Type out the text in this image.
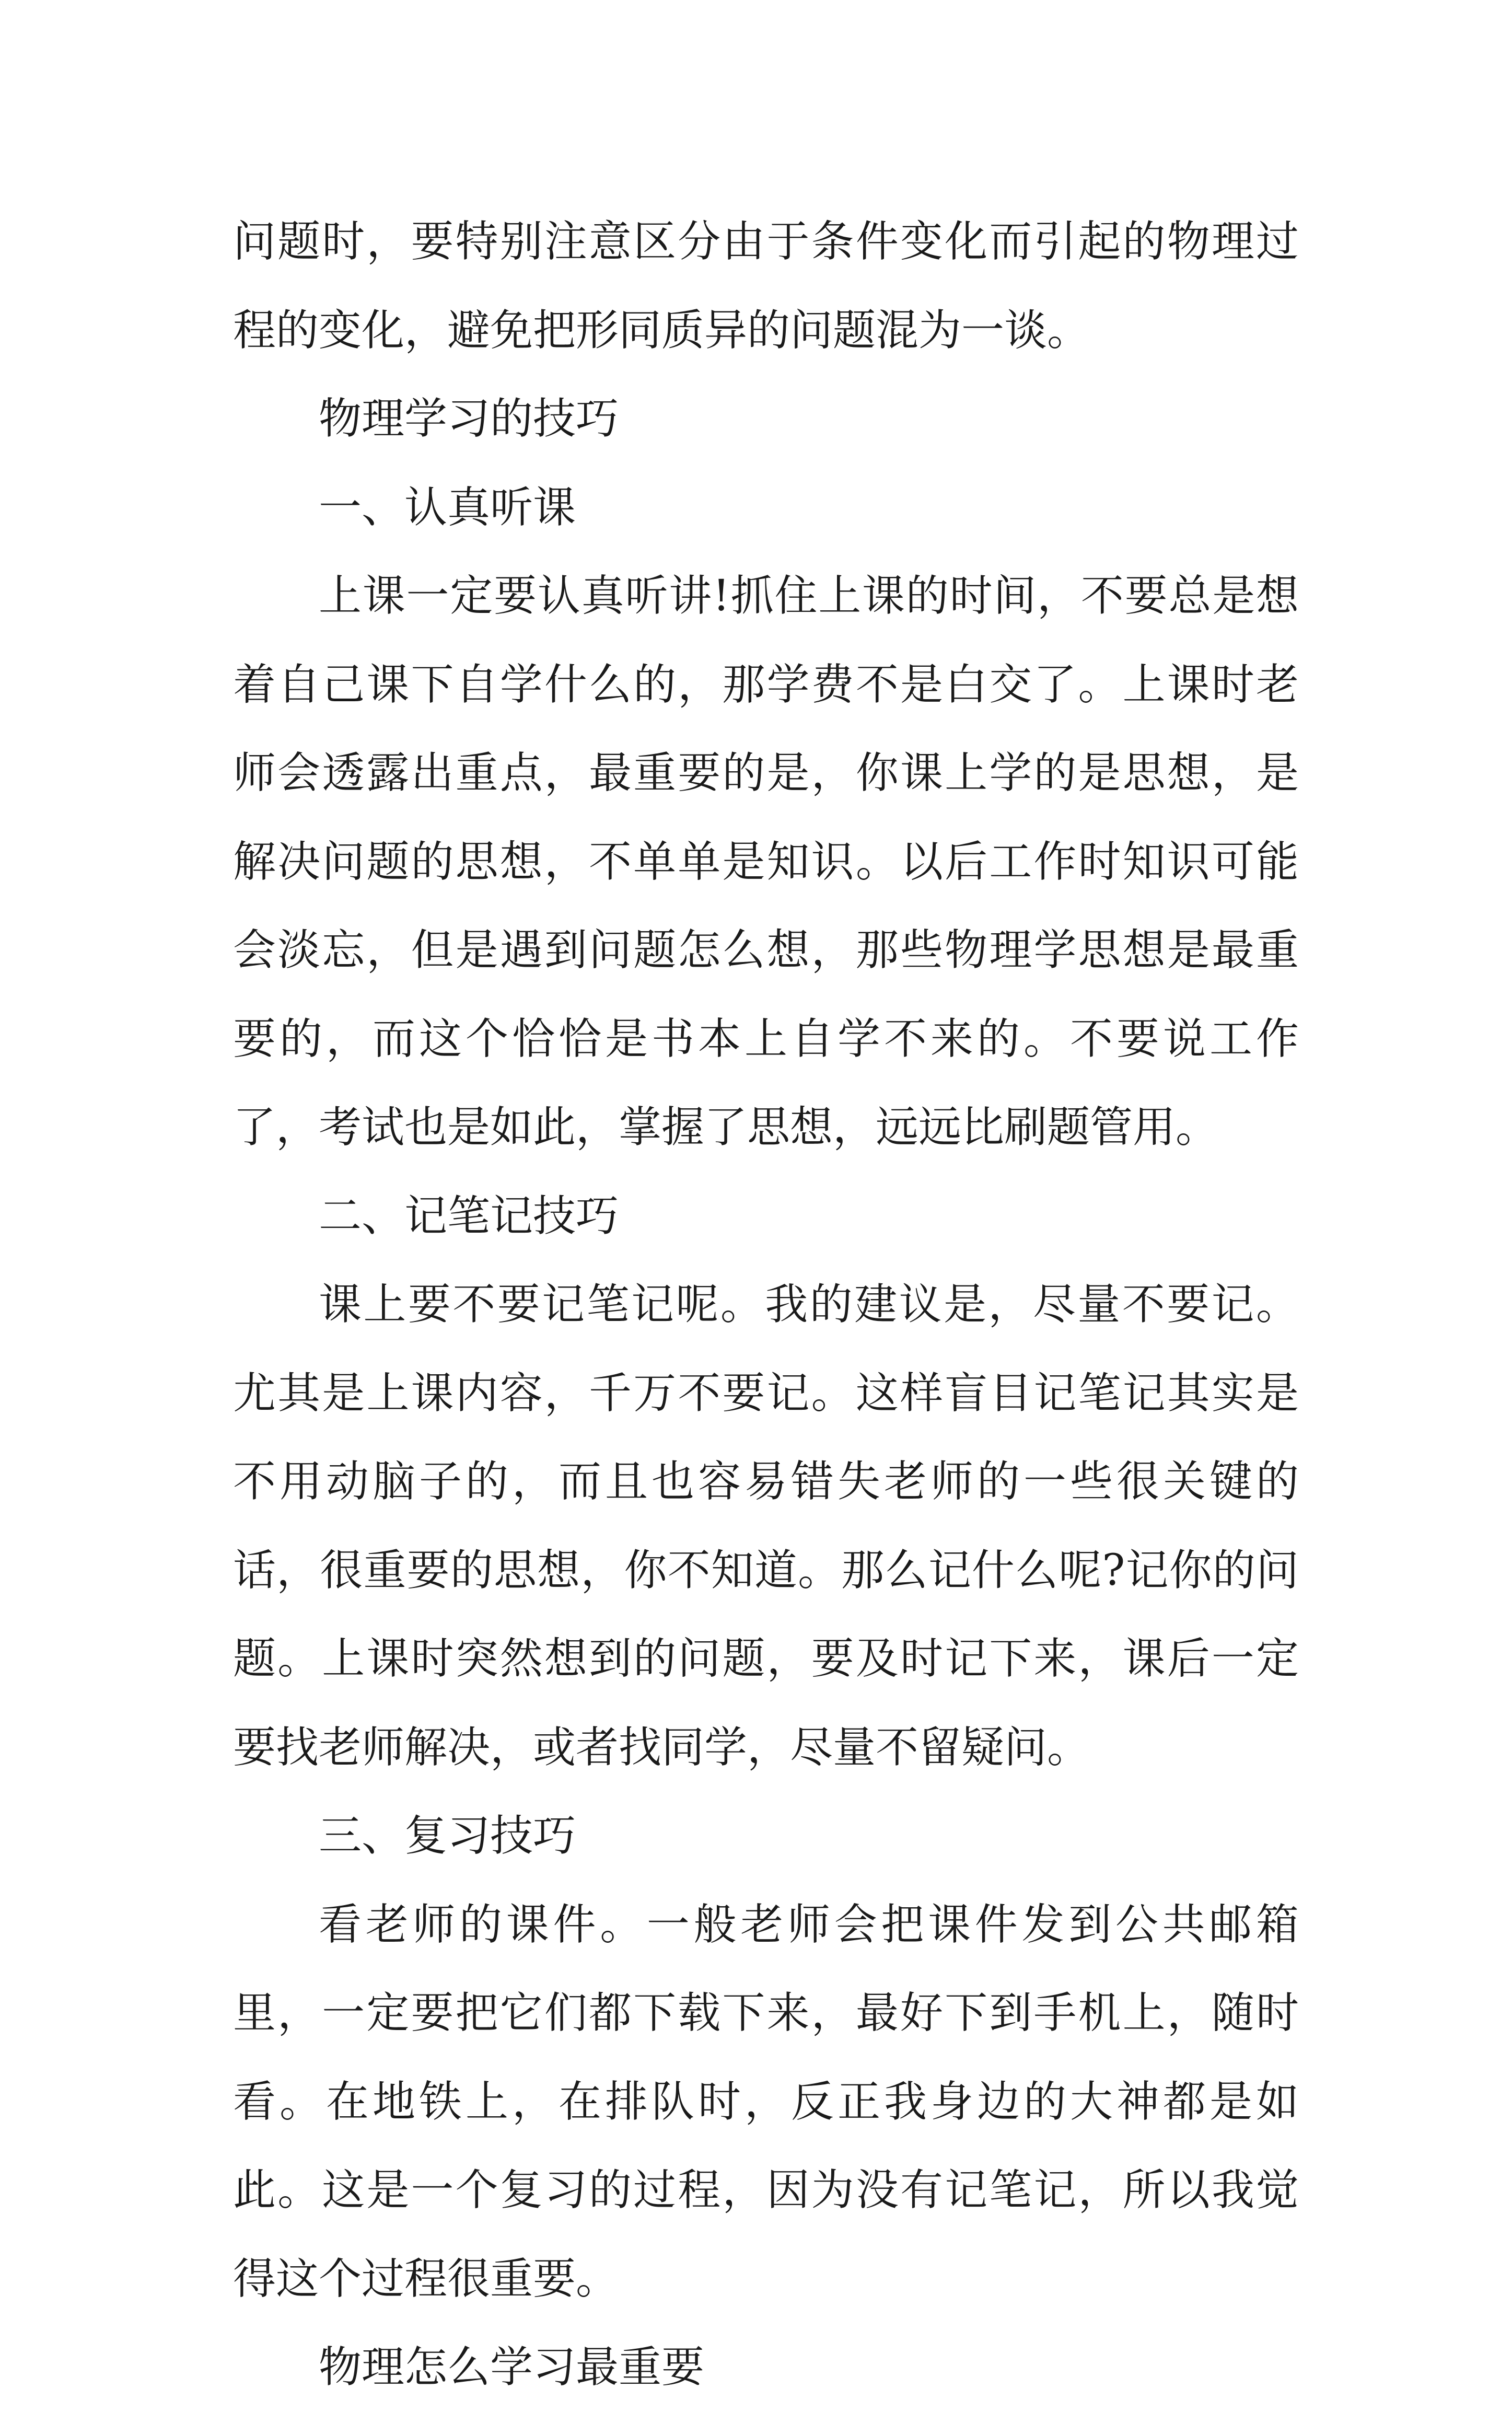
问题时，要特别注意区分由于条件变化而引起的物理过程的变化，避免把形同质异的问题混为一谈。

物理学习的技巧

一、认真听课

上课一定要认真听讲!抓住上课的时间，不要总是想着自己课下自学什么的，那学费不是白交了。上课时老师会透露出重点，最重要的是，你课上学的是思想，是解决问题的思想，不单单是知识。以后工作时知识可能会淡忘，但是遇到问题怎么想，那些物理学思想是最重要的，而这个恰恰是书本上自学不来的。不要说工作了，考试也是如此，掌握了思想，远远比刷题管用。

二、记笔记技巧

课上要不要记笔记呢。我的建议是，尽量不要记。尤其是上课内容，千万不要记。这样盲目记笔记其实是不用动脑子的，而且也容易错失老师的一些很关键的话，很重要的思想，你不知道。那么记什么呢?记你的问题。上课时突然想到的问题，要及时记下来，课后一定要找老师解决，或者找同学，尽量不留疑问。

三、复习技巧

看老师的课件。一般老师会把课件发到公共邮箱里，一定要把它们都下载下来，最好下到手机上，随时看。在地铁上，在排队时，反正我身边的大神都是如此。这是一个复习的过程，因为没有记笔记，所以我觉得这个过程很重要。

物理怎么学习最重要
